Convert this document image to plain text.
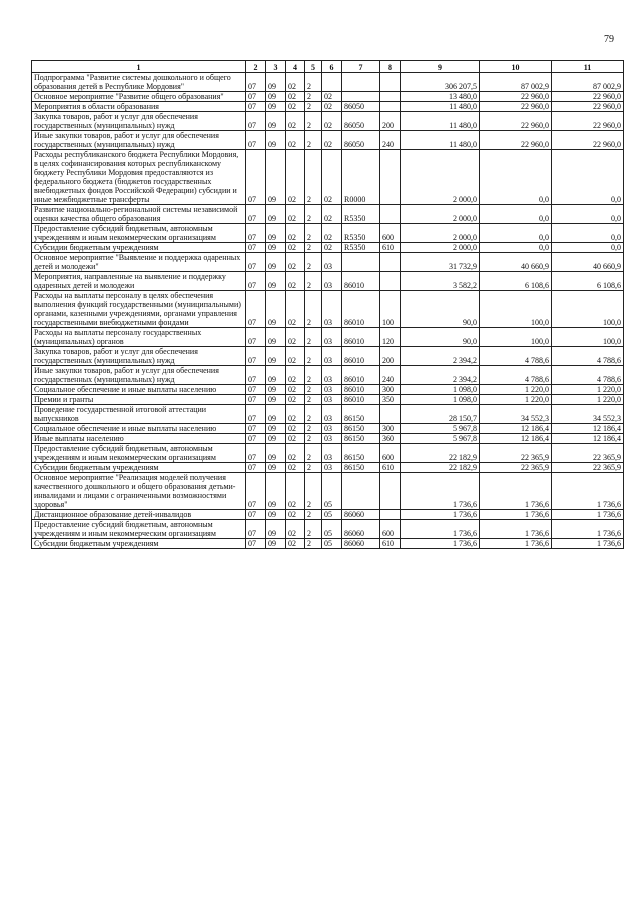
79
1	2	3	4	5	6	7	8	9	10	11
Подпрограмма "Развитие системы дошкольного и общего образования детей в Республике Мордовия"	07	09	02	2				306 207,5	87 002,9	87 002,9
Основное мероприятие "Развитие общего образования"	07	09	02	2	02			13 480,0	22 960,0	22 960,0
Мероприятия в области образования	07	09	02	2	02	86050		11 480,0	22 960,0	22 960,0
Закупка товаров, работ и услуг для обеспечения государственных (муниципальных) нужд	07	09	02	2	02	86050	200	11 480,0	22 960,0	22 960,0
Иные закупки товаров, работ и услуг для обеспечения государственных (муниципальных) нужд	07	09	02	2	02	86050	240	11 480,0	22 960,0	22 960,0
Расходы республиканского бюджета Республики Мордовия, в целях софинансирования которых республиканскому бюджету Республики Мордовия предоставляются из федерального бюджета (бюджетов государственных внебюджетных фондов Российской Федерации) субсидии и иные межбюджетные трансферты	07	09	02	2	02	R0000		2 000,0	0,0	0,0
Развитие национально-региональной системы независимой оценки качества общего образования	07	09	02	2	02	R5350		2 000,0	0,0	0,0
Предоставление субсидий бюджетным, автономным учреждениям и иным некоммерческим организациям	07	09	02	2	02	R5350	600	2 000,0	0,0	0,0
Субсидии бюджетным учреждениям	07	09	02	2	02	R5350	610	2 000,0	0,0	0,0
Основное мероприятие "Выявление и поддержка одаренных детей и молодежи"	07	09	02	2	03			31 732,9	40 660,9	40 660,9
Мероприятия, направленные на выявление и поддержку одаренных детей и молодежи	07	09	02	2	03	86010		3 582,2	6 108,6	6 108,6
Расходы на выплаты персоналу в целях обеспечения выполнения функций государственными (муниципальными) органами, казенными учреждениями, органами управления государственными внебюджетными фондами	07	09	02	2	03	86010	100	90,0	100,0	100,0
Расходы на выплаты персоналу государственных (муниципальных) органов	07	09	02	2	03	86010	120	90,0	100,0	100,0
Закупка товаров, работ и услуг для обеспечения государственных (муниципальных) нужд	07	09	02	2	03	86010	200	2 394,2	4 788,6	4 788,6
Иные закупки товаров, работ и услуг для обеспечения государственных (муниципальных) нужд	07	09	02	2	03	86010	240	2 394,2	4 788,6	4 788,6
Социальное обеспечение и иные выплаты населению	07	09	02	2	03	86010	300	1 098,0	1 220,0	1 220,0
Премии и гранты	07	09	02	2	03	86010	350	1 098,0	1 220,0	1 220,0
Проведение государственной итоговой аттестации выпускников	07	09	02	2	03	86150		28 150,7	34 552,3	34 552,3
Социальное обеспечение и иные выплаты населению	07	09	02	2	03	86150	300	5 967,8	12 186,4	12 186,4
Иные выплаты населению	07	09	02	2	03	86150	360	5 967,8	12 186,4	12 186,4
Предоставление субсидий бюджетным, автономным учреждениям и иным некоммерческим организациям	07	09	02	2	03	86150	600	22 182,9	22 365,9	22 365,9
Субсидии бюджетным учреждениям	07	09	02	2	03	86150	610	22 182,9	22 365,9	22 365,9
Основное мероприятие "Реализация моделей получения качественного дошкольного и общего образования детьми-инвалидами и лицами с ограниченными возможностями здоровья"	07	09	02	2	05			1 736,6	1 736,6	1 736,6
Дистанционное образование детей-инвалидов	07	09	02	2	05	86060		1 736,6	1 736,6	1 736,6
Предоставление субсидий бюджетным, автономным учреждениям и иным некоммерческим организациям	07	09	02	2	05	86060	600	1 736,6	1 736,6	1 736,6
Субсидии бюджетным учреждениям	07	09	02	2	05	86060	610	1 736,6	1 736,6	1 736,6
